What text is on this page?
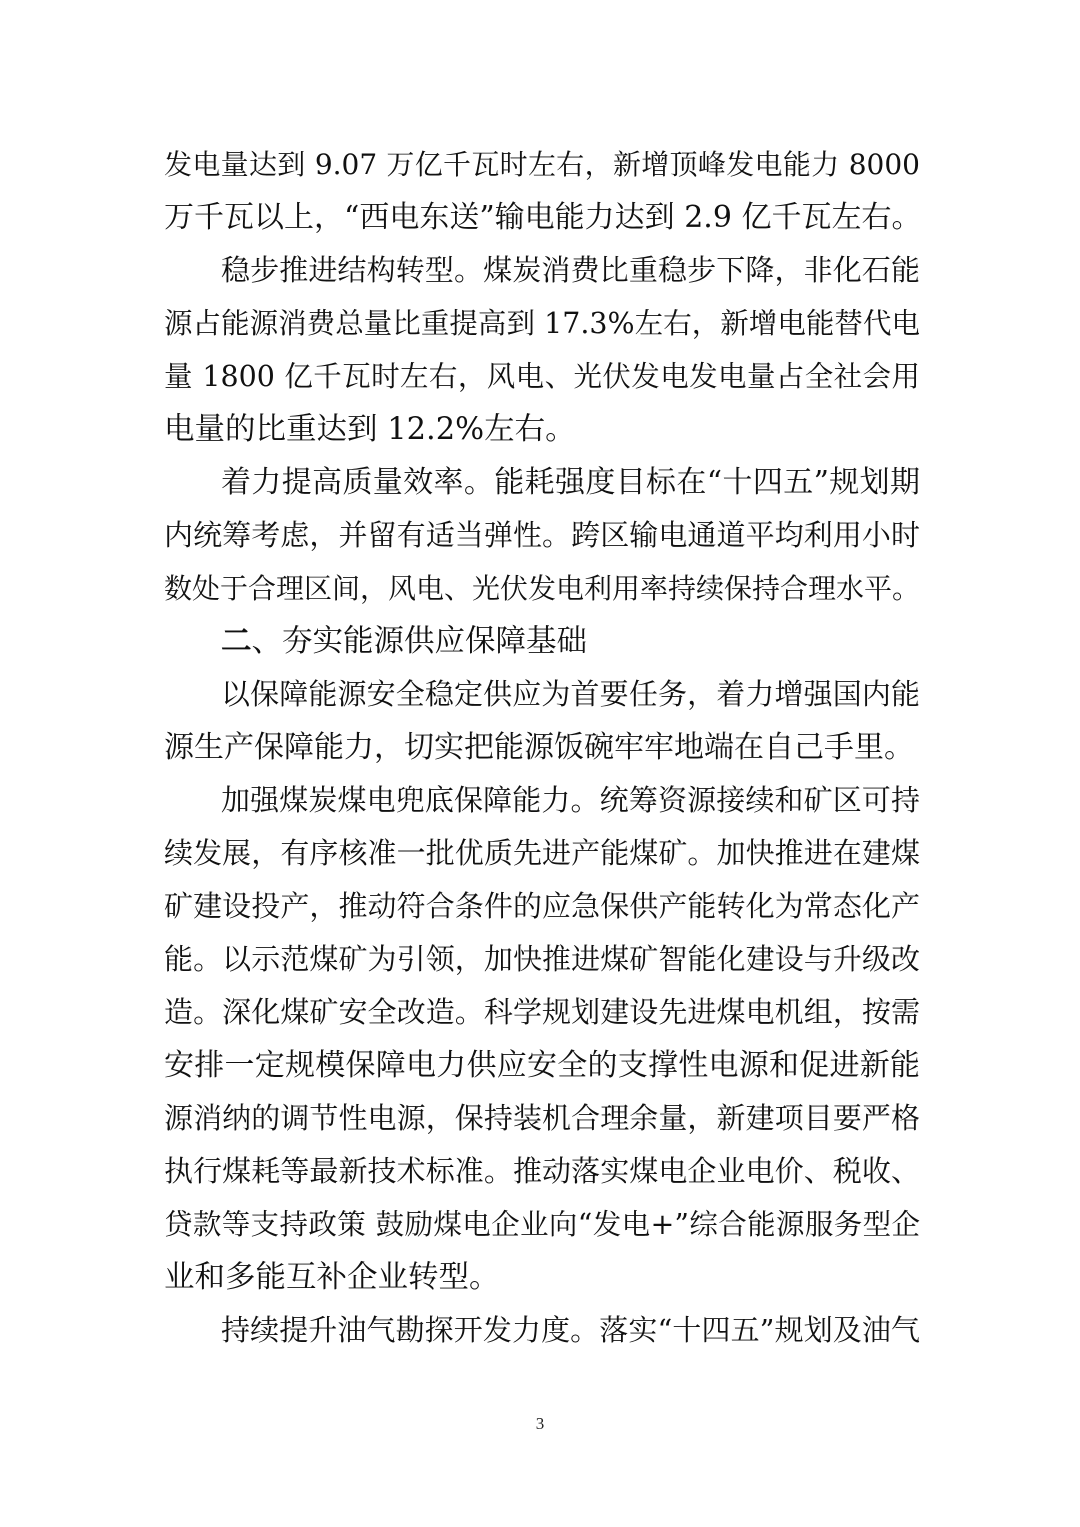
发电量达到 9.07 万亿千瓦时左右，新增顶峰发电能力 8000
万千瓦以上，“西电东送”输电能力达到 2.9 亿千瓦左右。
稳步推进结构转型。煤炭消费比重稳步下降，非化石能
源占能源消费总量比重提高到 17.3%左右，新增电能替代电
量 1800 亿千瓦时左右，风电、光伏发电发电量占全社会用
电量的比重达到 12.2%左右。
着力提高质量效率。能耗强度目标在“十四五”规划期
内统筹考虑，并留有适当弹性。跨区输电通道平均利用小时
数处于合理区间，风电、光伏发电利用率持续保持合理水平。
二、夯实能源供应保障基础
以保障能源安全稳定供应为首要任务，着力增强国内能
源生产保障能力，切实把能源饭碗牢牢地端在自己手里。
加强煤炭煤电兜底保障能力。统筹资源接续和矿区可持
续发展，有序核准一批优质先进产能煤矿。加快推进在建煤
矿建设投产，推动符合条件的应急保供产能转化为常态化产
能。以示范煤矿为引领，加快推进煤矿智能化建设与升级改
造。深化煤矿安全改造。科学规划建设先进煤电机组，按需
安排一定规模保障电力供应安全的支撑性电源和促进新能
源消纳的调节性电源，保持装机合理余量，新建项目要严格
执行煤耗等最新技术标准。推动落实煤电企业电价、税收、
贷款等支持政策 鼓励煤电企业向“发电+”综合能源服务型企
业和多能互补企业转型。
持续提升油气勘探开发力度。落实“十四五”规划及油气
3
